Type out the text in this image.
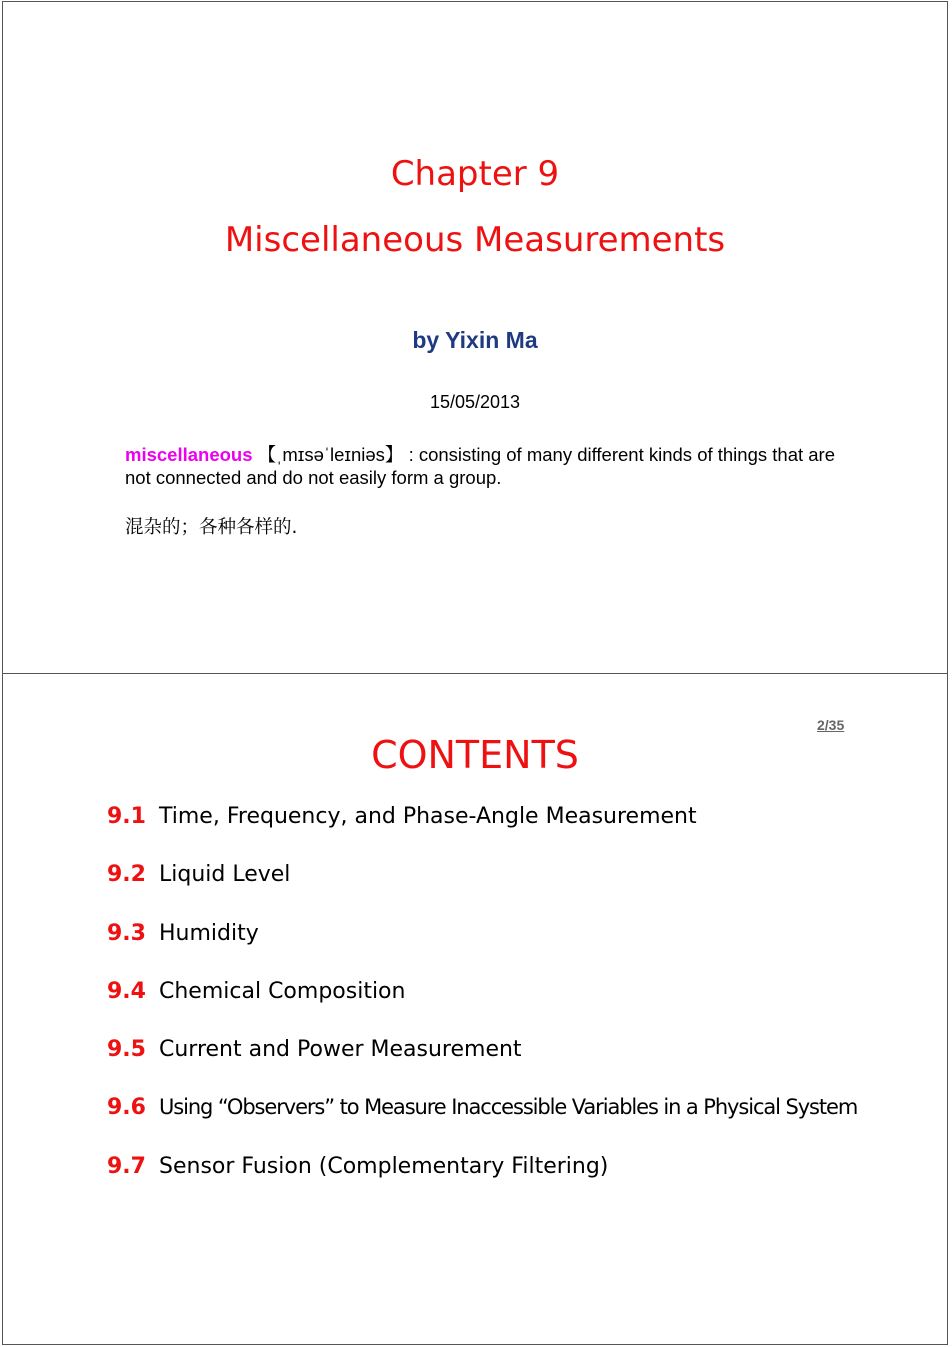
Chapter 9
Miscellaneous Measurements
by Yixin Ma
15/05/2013
miscellaneous 【ˌmɪsəˈleɪniəs】 : consisting of many different kinds of things that are not connected and do not easily form a group.
混杂的；各种各样的.
2/35
CONTENTS
9.1 Time, Frequency, and Phase-Angle Measurement
9.2 Liquid Level
9.3 Humidity
9.4 Chemical Composition
9.5 Current and Power Measurement
9.6 Using “Observers” to Measure Inaccessible Variables in a Physical System
9.7 Sensor Fusion (Complementary Filtering)
